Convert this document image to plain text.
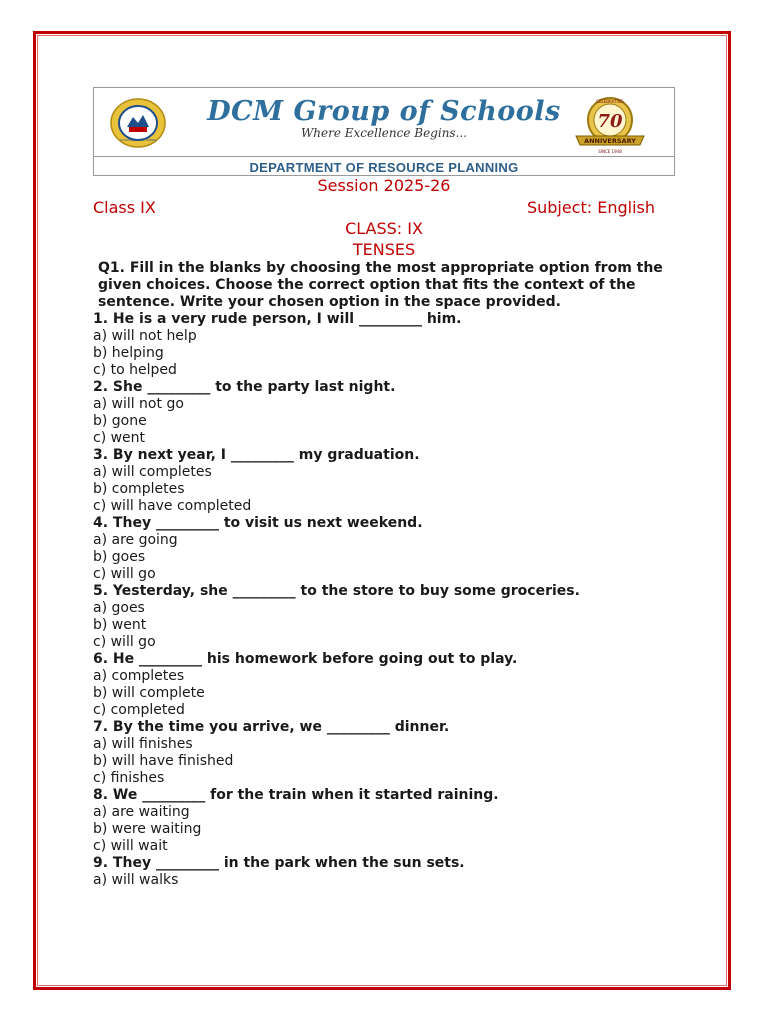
DCM GROUP OF SCHOOLS · LEARNING
DCM Group of Schools
Where Excellence Begins...
CELEBRATING
70
ANNIVERSARY
SINCE 1948
DEPARTMENT OF RESOURCE PLANNING
Session 2025-26
Class IX	Subject: English
CLASS: IX
TENSES
Q1. Fill in the blanks by choosing the most appropriate option from the given choices. Choose the correct option that fits the context of the sentence. Write your chosen option in the space provided.
1. He is a very rude person, I will _________ him.
a) will not help
b) helping
c) to helped
2. She _________ to the party last night.
a) will not go
b) gone
c) went
3. By next year, I _________ my graduation.
a) will completes
b) completes
c) will have completed
4. They _________ to visit us next weekend.
a) are going
b) goes
c) will go
5. Yesterday, she _________ to the store to buy some groceries.
a) goes
b) went
c) will go
6. He _________ his homework before going out to play.
a) completes
b) will complete
c) completed
7. By the time you arrive, we _________ dinner.
a) will finishes
b) will have finished
c) finishes
8. We _________ for the train when it started raining.
a) are waiting
b) were waiting
c) will wait
9. They _________ in the park when the sun sets.
a) will walks
